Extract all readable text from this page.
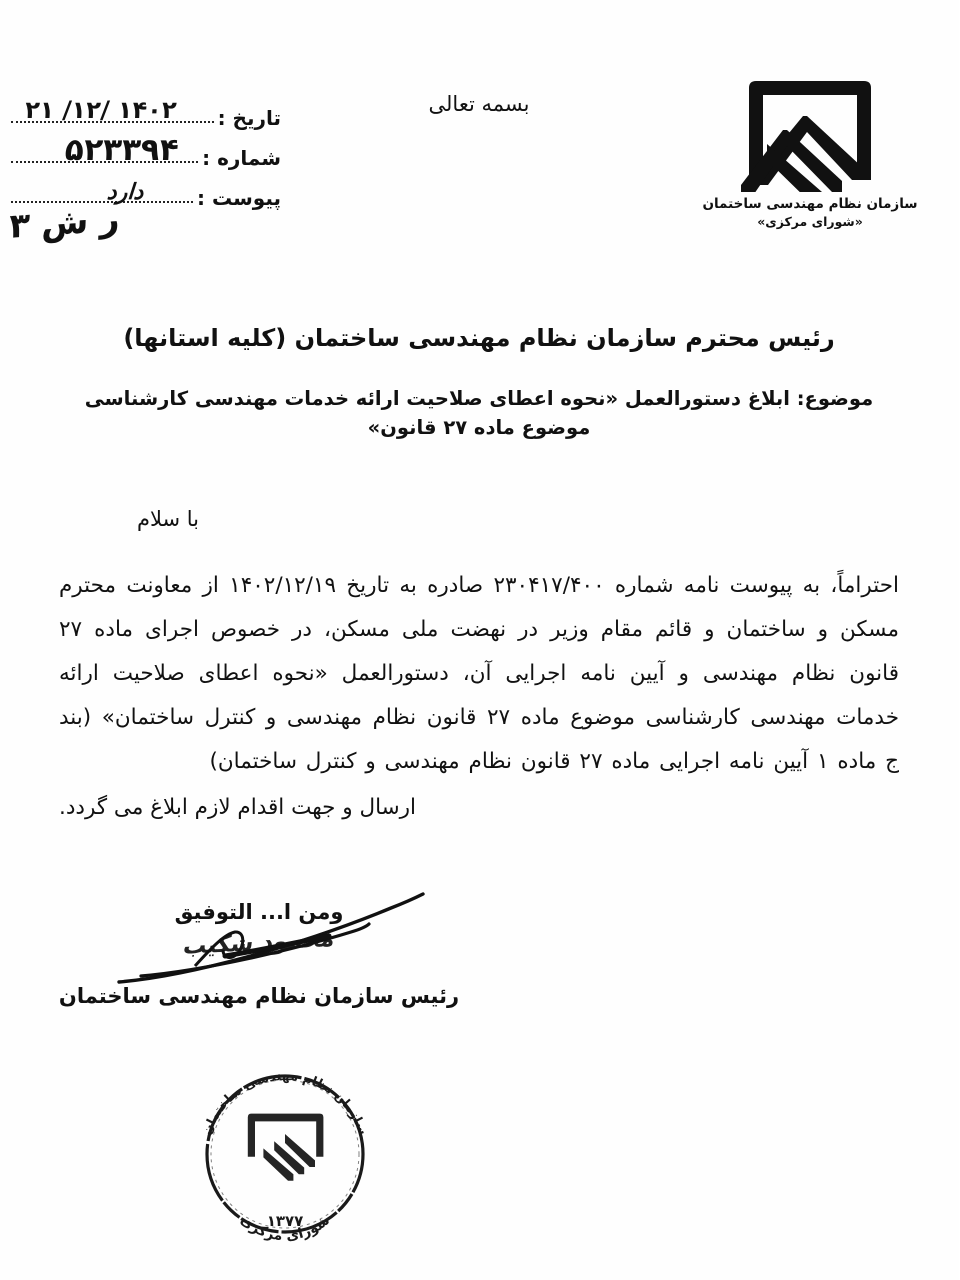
تاریخ :
۱۴۰۲ /۱۲/ ۲۱
شماره :
۵۲۳۳۹۴
پیوست :
دارد
ر ش ۳
بسمه تعالی
سازمان نظام مهندسی ساختمان
«شورای مرکزی»
رئیس محترم سازمان نظام مهندسی ساختمان (کلیه استانها)
موضوع: ابلاغ دستورالعمل «نحوه اعطای صلاحیت ارائه خدمات مهندسی کارشناسی موضوع ماده ۲۷ قانون»
با سلام
احتراماً، به پیوست نامه شماره ۲۳۰۴۱۷/۴۰۰ صادره به تاریخ ۱۴۰۲/۱۲/۱۹ از معاونت محترم مسکن و ساختمان و قائم مقام وزیر در نهضت ملی مسکن، در خصوص اجرای ماده ۲۷ قانون نظام مهندسی و آیین نامه اجرایی آن، دستورالعمل «نحوه اعطای صلاحیت ارائه خدمات مهندسی کارشناسی موضوع ماده ۲۷ قانون نظام مهندسی و کنترل ساختمان» (بند ج ماده ۱ آیین نامه اجرایی ماده ۲۷ قانون نظام مهندسی و کنترل ساختمان)
ارسال و جهت اقدام لازم ابلاغ می گردد.
ومن ا... التوفیق
محمود شکیب
رئیس سازمان نظام مهندسی ساختمان
سازمان نظام مهندسی ساختمان
شورای مرکزی
۱۳۷۷
